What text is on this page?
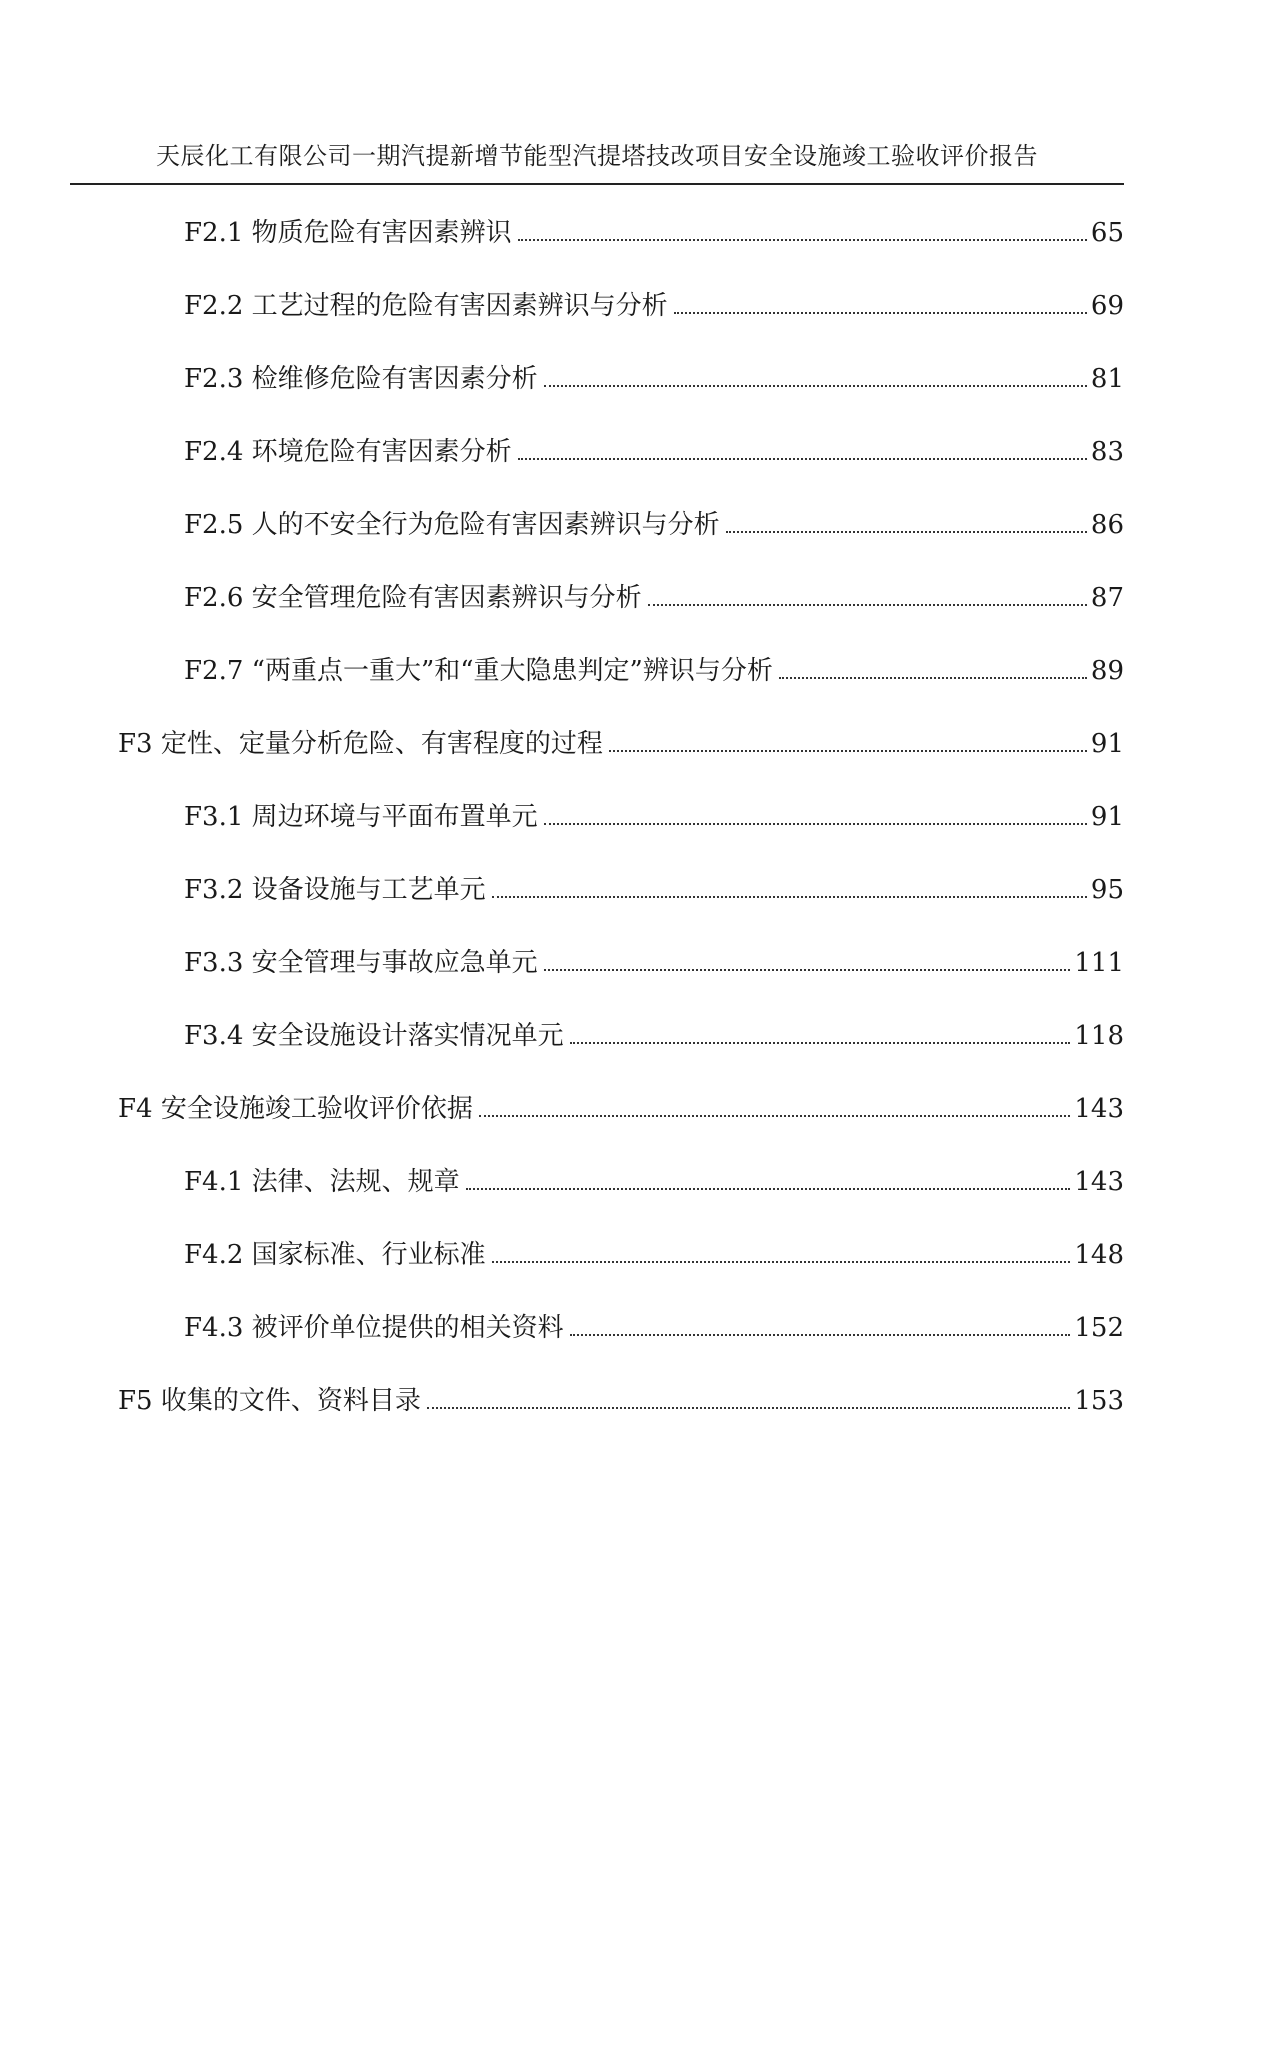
天辰化工有限公司一期汽提新增节能型汽提塔技改项目安全设施竣工验收评价报告
F2.1 物质危险有害因素辨识	65
F2.2 工艺过程的危险有害因素辨识与分析	69
F2.3 检维修危险有害因素分析	81
F2.4 环境危险有害因素分析	83
F2.5 人的不安全行为危险有害因素辨识与分析	86
F2.6 安全管理危险有害因素辨识与分析	87
F2.7 “两重点一重大”和“重大隐患判定”辨识与分析	89
F3 定性、定量分析危险、有害程度的过程	91
F3.1 周边环境与平面布置单元	91
F3.2 设备设施与工艺单元	95
F3.3 安全管理与事故应急单元	111
F3.4 安全设施设计落实情况单元	118
F4 安全设施竣工验收评价依据	143
F4.1 法律、法规、规章	143
F4.2 国家标准、行业标准	148
F4.3 被评价单位提供的相关资料	152
F5 收集的文件、资料目录	153
